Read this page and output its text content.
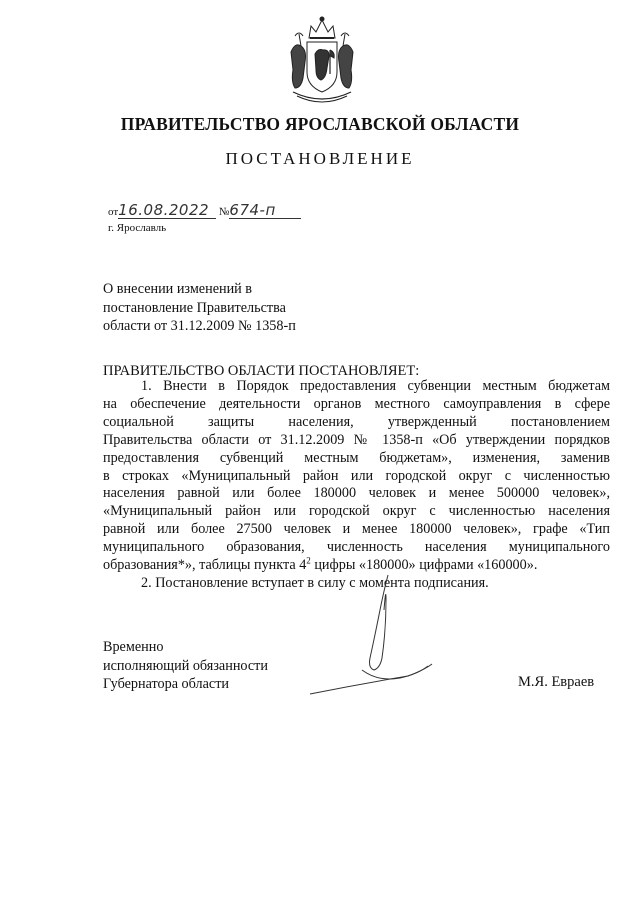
ПРАВИТЕЛЬСТВО ЯРОСЛАВСКОЙ ОБЛАСТИ
ПОСТАНОВЛЕНИЕ
от16.08.2022 №674-п
г. Ярославль
О внесении изменений в
постановление Правительства
области от 31.12.2009 № 1358-п
ПРАВИТЕЛЬСТВО ОБЛАСТИ ПОСТАНОВЛЯЕТ:
1. Внести в Порядок предоставления субвенции местным бюджетам
на обеспечение деятельности органов местного самоуправления в сфере
социальной защиты населения, утвержденный постановлением
Правительства области от 31.12.2009 № 1358-п «Об утверждении порядков
предоставления субвенций местным бюджетам», изменения, заменив
в строках «Муниципальный район или городской округ с численностью
населения равной или более 180000 человек и менее 500000 человек»,
«Муниципальный район или городской округ с численностью населения
равной или более 27500 человек и менее 180000 человек», графе «Тип
муниципального образования, численность населения муниципального
образования*», таблицы пункта $4^2$ цифры «180000» цифрами «160000».
2. Постановление вступает в силу с момента подписания.
Временно
исполняющий обязанности
Губернатора области	М.Я. Евраев
